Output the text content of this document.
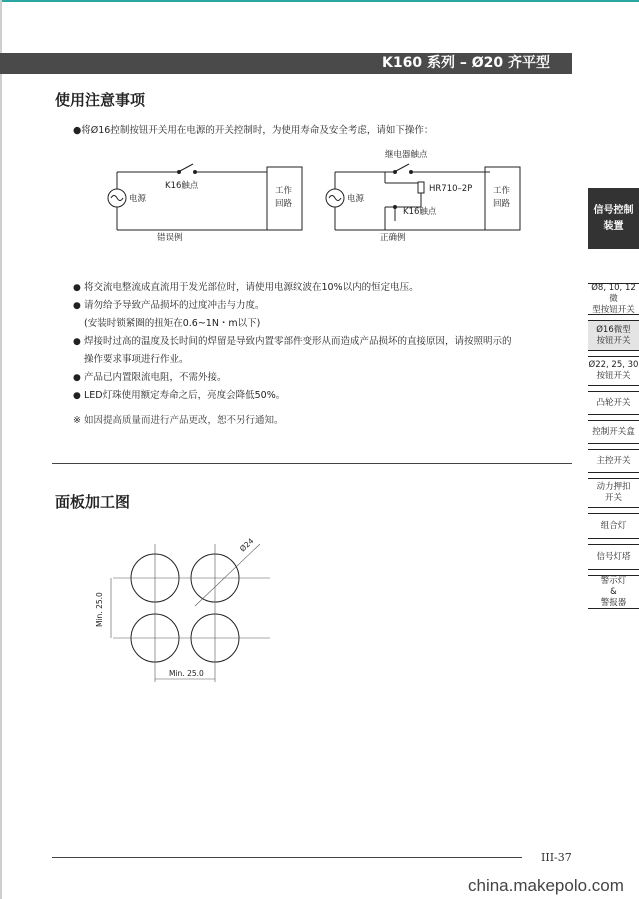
K160 系列 – Ø20 齐平型
使用注意事项
●将Ø16控制按钮开关用在电源的开关控制时，为使用寿命及安全考虑，请如下操作：
电源
K16触点	工作
回路
错误例
继电器触点
电源
HR710–2P
K16触点
工作
回路
正确例
● 将交流电整流成直流用于发光部位时，请使用电源纹波在10%以内的恒定电压。
● 请勿给予导致产品损坏的过度冲击与力度。
(安装时锁紧圈的扭矩在0.6~1N・m以下)
● 焊接时过高的温度及长时间的焊留是导致内置零部件变形从而造成产品损坏的直接原因，请按照明示的
操作要求事项进行作业。
● 产品已内置限流电阻，不需外接。
● LED灯珠使用额定寿命之后，亮度会降低50%。
※ 如因提高质量而进行产品更改，恕不另行通知。
面板加工图
Ø24
Min. 25.0
Min. 25.0
信号控制
装置
Ø8, 10, 12微
型按钮开关
Ø16微型
按钮开关
Ø22, 25, 30
按钮开关
凸轮开关
控制开关盒
主控开关
动力押扣
开关
组合灯
信号灯塔
警示灯
&
警报器
III-37
china.makepolo.com
